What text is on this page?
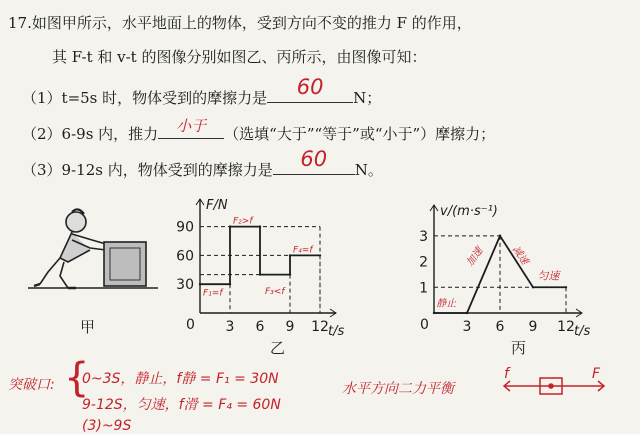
17.如图甲所示，水平地面上的物体，受到方向不变的推力 F 的作用，
其 F-t 和 v-t 的图像分别如图乙、丙所示，由图像可知：
（1）t=5s 时，物体受到的摩擦力是	60	N；
（2）6-9s 内，推力	小于	（选填“大于”“等于”或“小于”）摩擦力；
（3）9-12s 内，物体受到的摩擦力是	60	N。
甲
F/N
t/s
0 3 6 9 12
30
60
90
F₁=f
F₂>f
F₃<f
F₄=f
乙
v/(m·s⁻¹)
t/s
0 3 6 9 12
1
2
3
静止
加速 减速
匀速
丙
突破口: {
0~3S，静止，f静 = F₁ = 30N
9-12S，匀速，f滑 = F₄ = 60N
(3)~9S
水平方向二力平衡
f	F
